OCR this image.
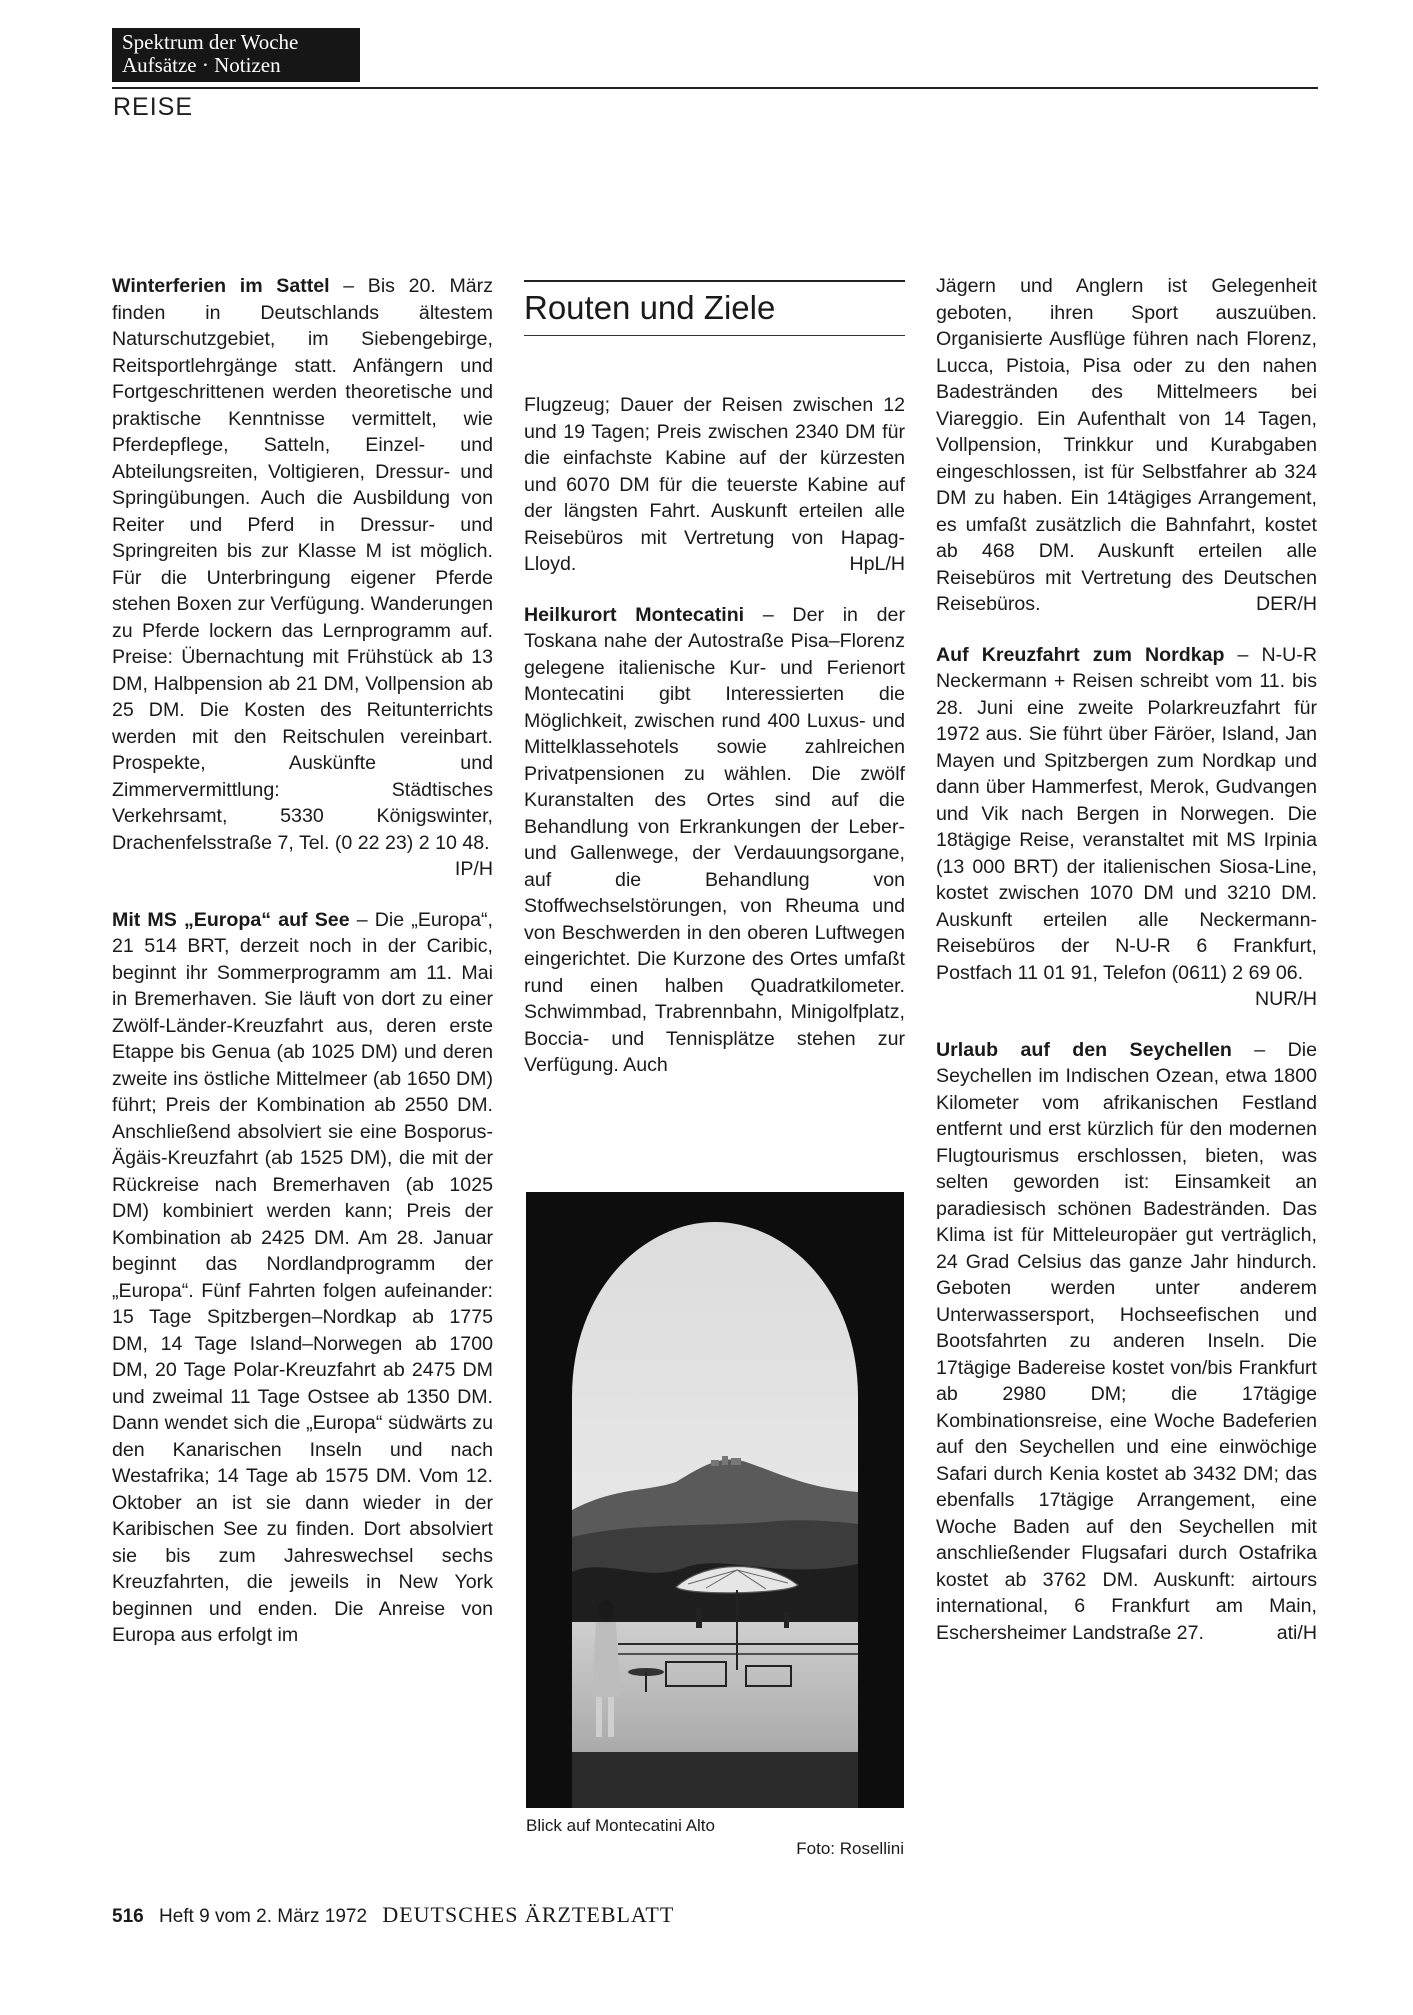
Spektrum der Woche
Aufsätze · Notizen
REISE

Winterferien im Sattel – Bis 20. März finden in Deutschlands ältestem Naturschutzgebiet, im Siebengebirge, Reitsportlehrgänge statt. Anfängern und Fortgeschrittenen werden theoretische und praktische Kenntnisse vermittelt, wie Pferdepflege, Satteln, Einzel- und Abteilungsreiten, Voltigieren, Dressur- und Springübungen. Auch die Ausbildung von Reiter und Pferd in Dressur- und Springreiten bis zur Klasse M ist möglich. Für die Unterbringung eigener Pferde stehen Boxen zur Verfügung. Wanderungen zu Pferde lockern das Lernprogramm auf. Preise: Übernachtung mit Frühstück ab 13 DM, Halbpension ab 21 DM, Vollpension ab 25 DM. Die Kosten des Reitunterrichts werden mit den Reitschulen vereinbart. Prospekte, Auskünfte und Zimmervermittlung: Städtisches Verkehrsamt, 5330 Königswinter, Drachenfelsstraße 7, Tel. (0 22 23) 2 10 48.
IP/H

Mit MS „Europa“ auf See – Die „Europa“, 21 514 BRT, derzeit noch in der Caribic, beginnt ihr Sommerprogramm am 11. Mai in Bremerhaven. Sie läuft von dort zu einer Zwölf-Länder-Kreuzfahrt aus, deren erste Etappe bis Genua (ab 1025 DM) und deren zweite ins östliche Mittelmeer (ab 1650 DM) führt; Preis der Kombination ab 2550 DM. Anschließend absolviert sie eine Bosporus-Ägäis-Kreuzfahrt (ab 1525 DM), die mit der Rückreise nach Bremerhaven (ab 1025 DM) kombiniert werden kann; Preis der Kombination ab 2425 DM. Am 28. Januar beginnt das Nordlandprogramm der „Europa“. Fünf Fahrten folgen aufeinander: 15 Tage Spitzbergen–Nordkap ab 1775 DM, 14 Tage Island–Norwegen ab 1700 DM, 20 Tage Polar-Kreuzfahrt ab 2475 DM und zweimal 11 Tage Ostsee ab 1350 DM. Dann wendet sich die „Europa“ südwärts zu den Kanarischen Inseln und nach Westafrika; 14 Tage ab 1575 DM. Vom 12. Oktober an ist sie dann wieder in der Karibischen See zu finden. Dort absolviert sie bis zum Jahreswechsel sechs Kreuzfahrten, die jeweils in New York beginnen und enden. Die Anreise von Europa aus erfolgt im

Routen und Ziele

Flugzeug; Dauer der Reisen zwischen 12 und 19 Tagen; Preis zwischen 2340 DM für die einfachste Kabine auf der kürzesten und 6070 DM für die teuerste Kabine auf der längsten Fahrt. Auskunft erteilen alle Reisebüros mit Vertretung von Hapag-Lloyd.	HpL/H

Heilkurort Montecatini – Der in der Toskana nahe der Autostraße Pisa–Florenz gelegene italienische Kur- und Ferienort Montecatini gibt Interessierten die Möglichkeit, zwischen rund 400 Luxus- und Mittelklassehotels sowie zahlreichen Privatpensionen zu wählen. Die zwölf Kuranstalten des Ortes sind auf die Behandlung von Erkrankungen der Leber- und Gallenwege, der Verdauungsorgane, auf die Behandlung von Stoffwechselstörungen, von Rheuma und von Beschwerden in den oberen Luftwegen eingerichtet. Die Kurzone des Ortes umfaßt rund einen halben Quadratkilometer. Schwimmbad, Trabrennbahn, Minigolfplatz, Boccia- und Tennisplätze stehen zur Verfügung. Auch

Blick auf Montecatini Alto
Foto: Rosellini

Jägern und Anglern ist Gelegenheit geboten, ihren Sport auszuüben. Organisierte Ausflüge führen nach Florenz, Lucca, Pistoia, Pisa oder zu den nahen Badestränden des Mittelmeers bei Viareggio. Ein Aufenthalt von 14 Tagen, Vollpension, Trinkkur und Kurabgaben eingeschlossen, ist für Selbstfahrer ab 324 DM zu haben. Ein 14tägiges Arrangement, es umfaßt zusätzlich die Bahnfahrt, kostet ab 468 DM. Auskunft erteilen alle Reisebüros mit Vertretung des Deutschen Reisebüros.	DER/H

Auf Kreuzfahrt zum Nordkap – N-U-R Neckermann + Reisen schreibt vom 11. bis 28. Juni eine zweite Polarkreuzfahrt für 1972 aus. Sie führt über Färöer, Island, Jan Mayen und Spitzbergen zum Nordkap und dann über Hammerfest, Merok, Gudvangen und Vik nach Bergen in Norwegen. Die 18tägige Reise, veranstaltet mit MS Irpinia (13 000 BRT) der italienischen Siosa-Line, kostet zwischen 1070 DM und 3210 DM. Auskunft erteilen alle Neckermann-Reisebüros der N-U-R 6 Frankfurt, Postfach 11 01 91, Telefon (0611) 2 69 06.
NUR/H

Urlaub auf den Seychellen – Die Seychellen im Indischen Ozean, etwa 1800 Kilometer vom afrikanischen Festland entfernt und erst kürzlich für den modernen Flugtourismus erschlossen, bieten, was selten geworden ist: Einsamkeit an paradiesisch schönen Badestränden. Das Klima ist für Mitteleuropäer gut verträglich, 24 Grad Celsius das ganze Jahr hindurch. Geboten werden unter anderem Unterwassersport, Hochseefischen und Bootsfahrten zu anderen Inseln. Die 17tägige Badereise kostet von/bis Frankfurt ab 2980 DM; die 17tägige Kombinationsreise, eine Woche Badeferien auf den Seychellen und eine einwöchige Safari durch Kenia kostet ab 3432 DM; das ebenfalls 17tägige Arrangement, eine Woche Baden auf den Seychellen mit anschließender Flugsafari durch Ostafrika kostet ab 3762 DM. Auskunft: airtours international, 6 Frankfurt am Main, Eschersheimer Landstraße 27.	ati/H

516 Heft 9 vom 2. März 1972 DEUTSCHES ÄRZTEBLATT
